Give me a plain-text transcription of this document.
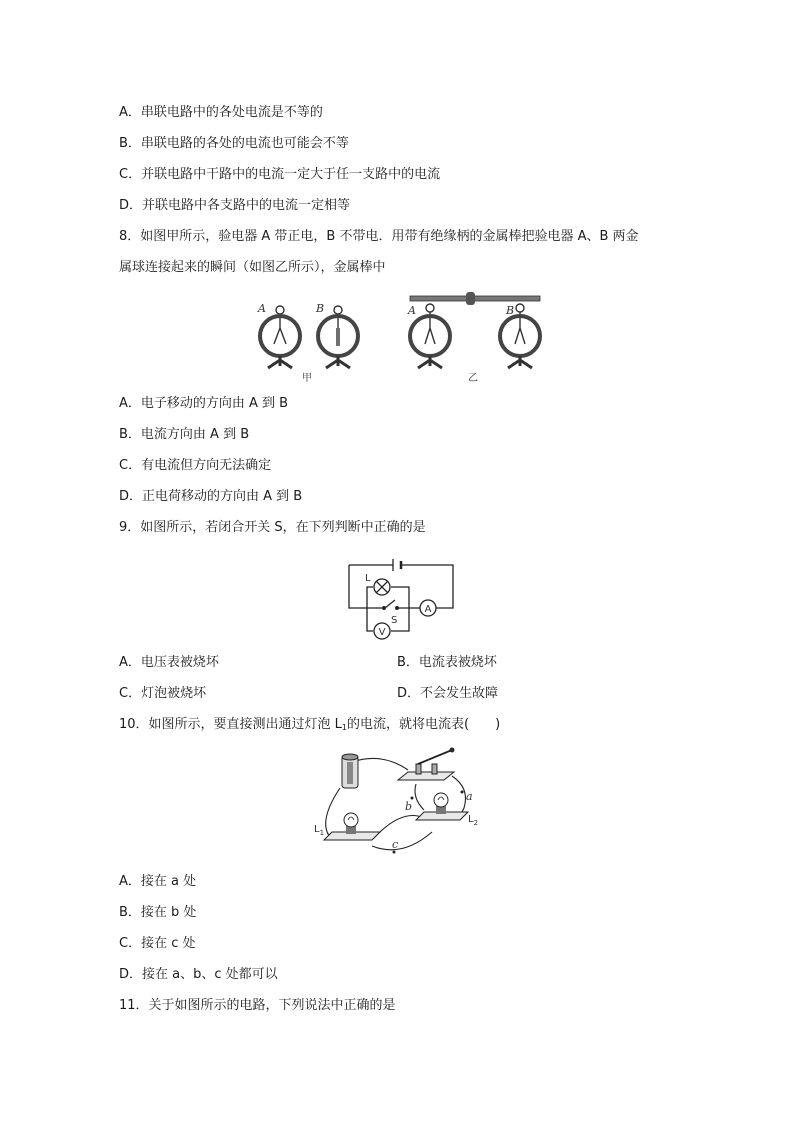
A．串联电路中的各处电流是不等的
B．串联电路的各处的电流也可能会不等
C．并联电路中干路中的电流一定大于任一支路中的电流
D．并联电路中各支路中的电流一定相等
8．如图甲所示，验电器 A 带正电，B 不带电．用带有绝缘柄的金属棒把验电器 A、B 两金
属球连接起来的瞬间（如图乙所示），金属棒中
A	B
甲
A	B
乙
A．电子移动的方向由 A 到 B
B．电流方向由 A 到 B
C．有电流但方向无法确定
D．正电荷移动的方向由 A 到 B
9．如图所示，若闭合开关 S，在下列判断中正确的是
L
S
A
V
A．电压表被烧坏	B．电流表被烧坏
C．灯泡被烧坏	D．不会发生故障
10．如图所示，要直接测出通过灯泡 $L_1$的电流，就将电流表(　　)
a
b
c
$L_1$
$L_2$
A．接在 a 处
B．接在 b 处
C．接在 c 处
D．接在 a、b、c 处都可以
11．关于如图所示的电路，下列说法中正确的是
